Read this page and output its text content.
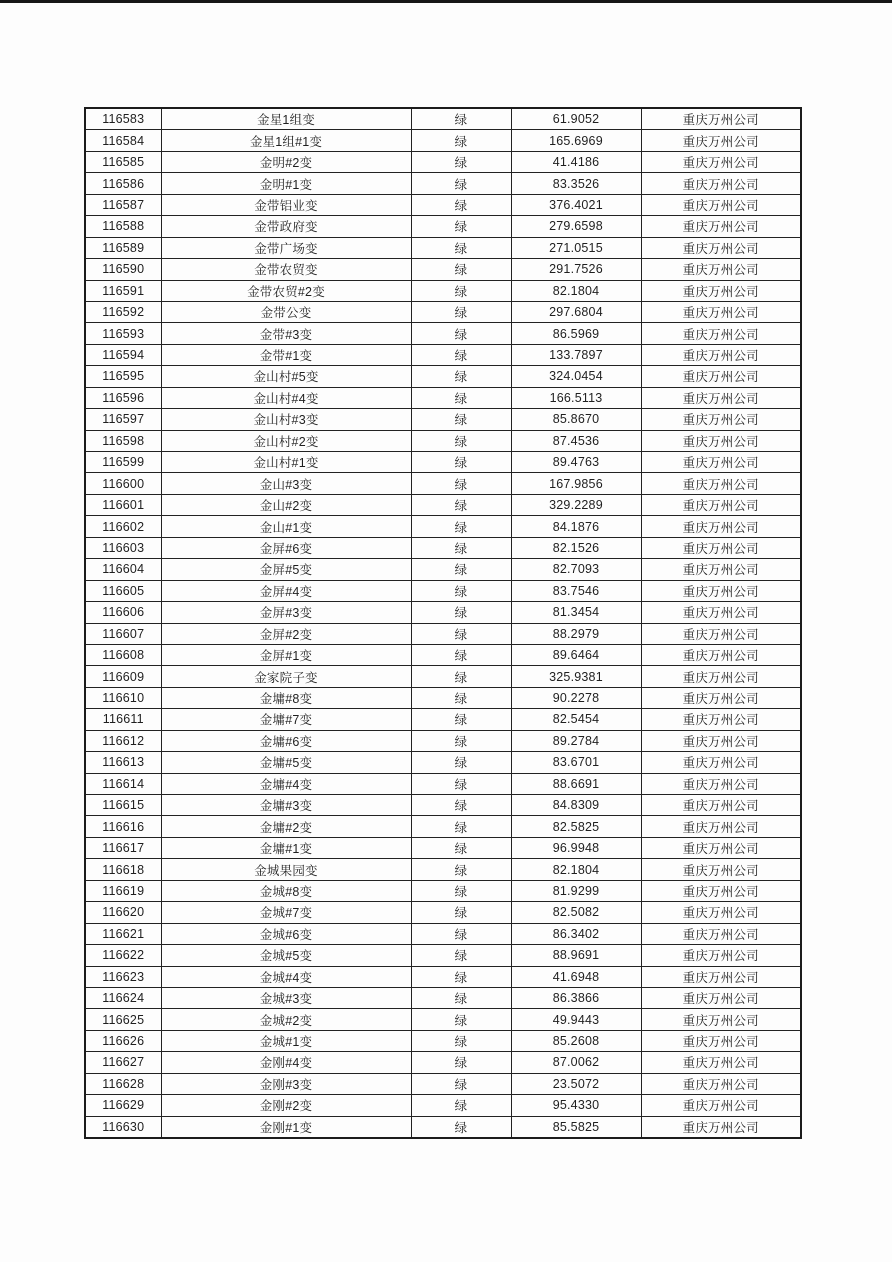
116583	金星1组变	绿	61.9052	重庆万州公司
116584	金星1组#1变	绿	165.6969	重庆万州公司
116585	金明#2变	绿	41.4186	重庆万州公司
116586	金明#1变	绿	83.3526	重庆万州公司
116587	金带铝业变	绿	376.4021	重庆万州公司
116588	金带政府变	绿	279.6598	重庆万州公司
116589	金带广场变	绿	271.0515	重庆万州公司
116590	金带农贸变	绿	291.7526	重庆万州公司
116591	金带农贸#2变	绿	82.1804	重庆万州公司
116592	金带公变	绿	297.6804	重庆万州公司
116593	金带#3变	绿	86.5969	重庆万州公司
116594	金带#1变	绿	133.7897	重庆万州公司
116595	金山村#5变	绿	324.0454	重庆万州公司
116596	金山村#4变	绿	166.5113	重庆万州公司
116597	金山村#3变	绿	85.8670	重庆万州公司
116598	金山村#2变	绿	87.4536	重庆万州公司
116599	金山村#1变	绿	89.4763	重庆万州公司
116600	金山#3变	绿	167.9856	重庆万州公司
116601	金山#2变	绿	329.2289	重庆万州公司
116602	金山#1变	绿	84.1876	重庆万州公司
116603	金屏#6变	绿	82.1526	重庆万州公司
116604	金屏#5变	绿	82.7093	重庆万州公司
116605	金屏#4变	绿	83.7546	重庆万州公司
116606	金屏#3变	绿	81.3454	重庆万州公司
116607	金屏#2变	绿	88.2979	重庆万州公司
116608	金屏#1变	绿	89.6464	重庆万州公司
116609	金家院子变	绿	325.9381	重庆万州公司
116610	金墉#8变	绿	90.2278	重庆万州公司
116611	金墉#7变	绿	82.5454	重庆万州公司
116612	金墉#6变	绿	89.2784	重庆万州公司
116613	金墉#5变	绿	83.6701	重庆万州公司
116614	金墉#4变	绿	88.6691	重庆万州公司
116615	金墉#3变	绿	84.8309	重庆万州公司
116616	金墉#2变	绿	82.5825	重庆万州公司
116617	金墉#1变	绿	96.9948	重庆万州公司
116618	金城果园变	绿	82.1804	重庆万州公司
116619	金城#8变	绿	81.9299	重庆万州公司
116620	金城#7变	绿	82.5082	重庆万州公司
116621	金城#6变	绿	86.3402	重庆万州公司
116622	金城#5变	绿	88.9691	重庆万州公司
116623	金城#4变	绿	41.6948	重庆万州公司
116624	金城#3变	绿	86.3866	重庆万州公司
116625	金城#2变	绿	49.9443	重庆万州公司
116626	金城#1变	绿	85.2608	重庆万州公司
116627	金刚#4变	绿	87.0062	重庆万州公司
116628	金刚#3变	绿	23.5072	重庆万州公司
116629	金刚#2变	绿	95.4330	重庆万州公司
116630	金刚#1变	绿	85.5825	重庆万州公司
